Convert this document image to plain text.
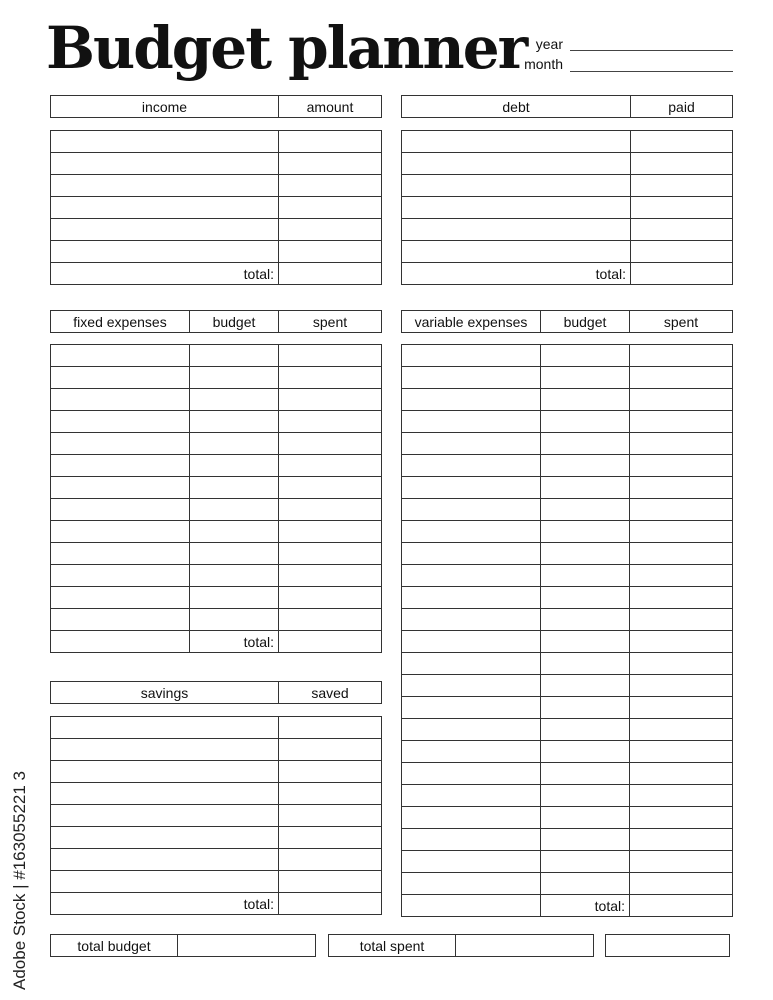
Budget planner year
month
income	amount

total:	
debt	paid

total:	
fixed expenses	budget	spent

	total:	
variable expenses	budget	spent

	total:	
savings	saved

total:	
total budget		total spent	
Adobe Stock | #163055221 3
